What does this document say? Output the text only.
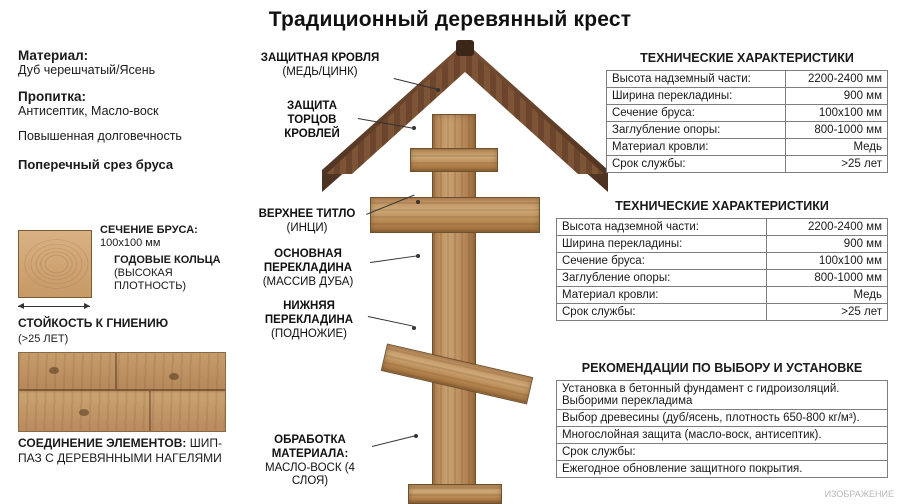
Традиционный деревянный крест
Материал:
Дуб черешчатый/Ясень
Пропитка:
Антисептик, Масло-воск
Повышенная долговечность
Поперечный срез бруса
СЕЧЕНИЕ БРУСА:
100x100 мм
ГОДОВЫЕ КОЛЬЦА
(ВЫСОКАЯ ПЛОТНОСТЬ)
СТОЙКОСТЬ К ГНИЕНИЮ
(>25 ЛЕТ)
СОЕДИНЕНИЕ ЭЛЕМЕНТОВ: ШИП-ПАЗ С ДЕРЕВЯННЫМИ НАГЕЛЯМИ
ЗАЩИТНАЯ КРОВЛЯ
(МЕДЬ/ЦИНК)
ЗАЩИТА ТОРЦОВ КРОВЛЕЙ
ВЕРХНЕЕ ТИТЛО
(ИНЦИ)
ОСНОВНАЯ ПЕРЕКЛАДИНА
(МАССИВ ДУБА)
НИЖНЯЯ ПЕРЕКЛАДИНА
(ПОДНОЖИЕ)
ОБРАБОТКА МАТЕРИАЛА:
МАСЛО-ВОСК (4 СЛОЯ)
ТЕХНИЧЕСКИЕ ХАРАКТЕРИСТИКИ
Высота надземный части:	2200-2400 мм
Ширина перекладины:	900 мм
Сечение бруса:	100x100 мм
Заглубление опоры:	800-1000 мм
Материал кровли:	Медь
Срок службы:	>25 лет
ТЕХНИЧЕСКИЕ ХАРАКТЕРИСТИКИ
Высота надземной части:	2200-2400 мм
Ширина перекладины:	900 мм
Сечение бруса:	100x100 мм
Заглубление опоры:	800-1000 мм
Материал кровли:	Медь
Срок службы:	>25 лет
РЕКОМЕНДАЦИИ ПО ВЫБОРУ И УСТАНОВКЕ
Установка в бетонный фундамент с гидроизоляций. Выборими перекладима
Выбор древесины (дуб/ясень, плотность 650-800 кг/м³).
Многослойная защита (масло-воск, антисептик).
Срок службы:
Ежегодное обновление защитного покрытия.
ИЗОБРАЖЕНИЕ
